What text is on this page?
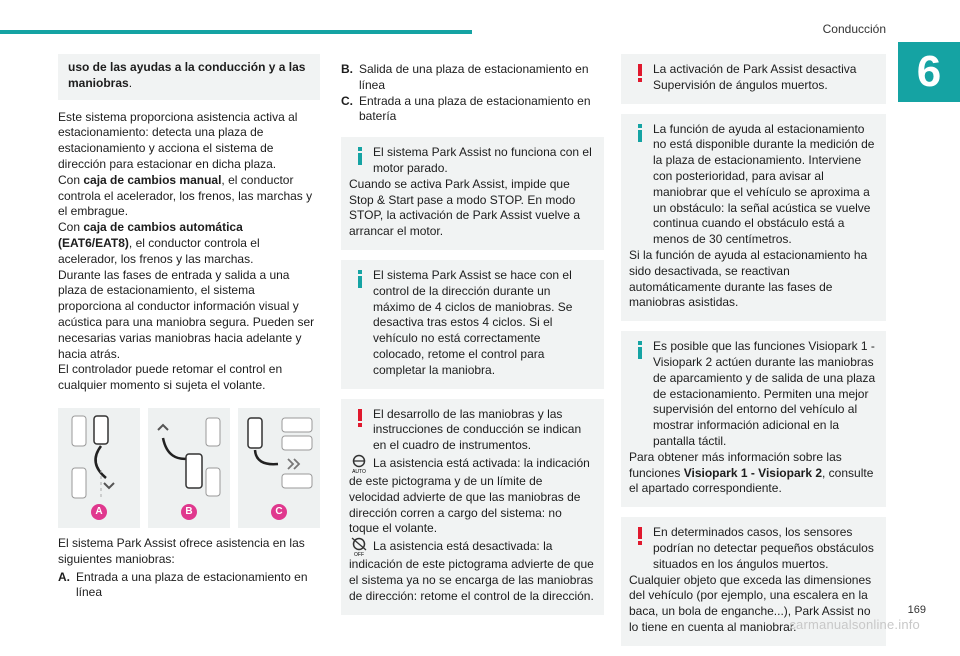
Conducción
6
uso de las ayudas a la conducción y a las maniobras.

Este sistema proporciona asistencia activa al estacionamiento: detecta una plaza de estacionamiento y acciona el sistema de dirección para estacionar en dicha plaza.

Con caja de cambios manual, el conductor controla el acelerador, los frenos, las marchas y el embrague.

Con caja de cambios automática (EAT6/EAT8), el conductor controla el acelerador, los frenos y las marchas.

Durante las fases de entrada y salida a una plaza de estacionamiento, el sistema proporciona al conductor información visual y acústica para una maniobra segura. Pueden ser necesarias varias maniobras hacia adelante y hacia atrás.

El controlador puede retomar el control en cualquier momento si sujeta el volante.

A	B	C

El sistema Park Assist ofrece asistencia en las siguientes maniobras:

A. Entrada a una plaza de estacionamiento en línea
B. Salida de una plaza de estacionamiento en línea
C. Entrada a una plaza de estacionamiento en batería

El sistema Park Assist no funciona con el motor parado.

Cuando se activa Park Assist, impide que Stop & Start pase a modo STOP. En modo STOP, la activación de Park Assist vuelve a arrancar el motor.

El sistema Park Assist se hace con el control de la dirección durante un máximo de 4 ciclos de maniobras. Se desactiva tras estos 4 ciclos. Si el vehículo no está correctamente colocado, retome el control para completar la maniobra.

El desarrollo de las maniobras y las instrucciones de conducción se indican en el cuadro de instrumentos.

AUTO
La asistencia está activada: la indicación de este pictograma y de un límite de velocidad advierte de que las maniobras de dirección corren a cargo del sistema: no toque el volante.

OFF
La asistencia está desactivada: la indicación de este pictograma advierte de que el sistema ya no se encarga de las maniobras de dirección: retome el control de la dirección.

La activación de Park Assist desactiva Supervisión de ángulos muertos.

La función de ayuda al estacionamiento no está disponible durante la medición de la plaza de estacionamiento. Interviene con posterioridad, para avisar al maniobrar que el vehículo se aproxima a un obstáculo: la señal acústica se vuelve continua cuando el obstáculo está a menos de 30 centímetros.

Si la función de ayuda al estacionamiento ha sido desactivada, se reactivan automáticamente durante las fases de maniobras asistidas.

Es posible que las funciones Visiopark 1 - Visiopark 2 actúen durante las maniobras de aparcamiento y de salida de una plaza de estacionamiento. Permiten una mejor supervisión del entorno del vehículo al mostrar información adicional en la pantalla táctil.

Para obtener más información sobre las funciones Visiopark 1 - Visiopark 2, consulte el apartado correspondiente.

En determinados casos, los sensores podrían no detectar pequeños obstáculos situados en los ángulos muertos.

Cualquier objeto que exceda las dimensiones del vehículo (por ejemplo, una escalera en la baca, un bola de enganche...), Park Assist no lo tiene en cuenta al maniobrar.

carmanualsonline.info
169
